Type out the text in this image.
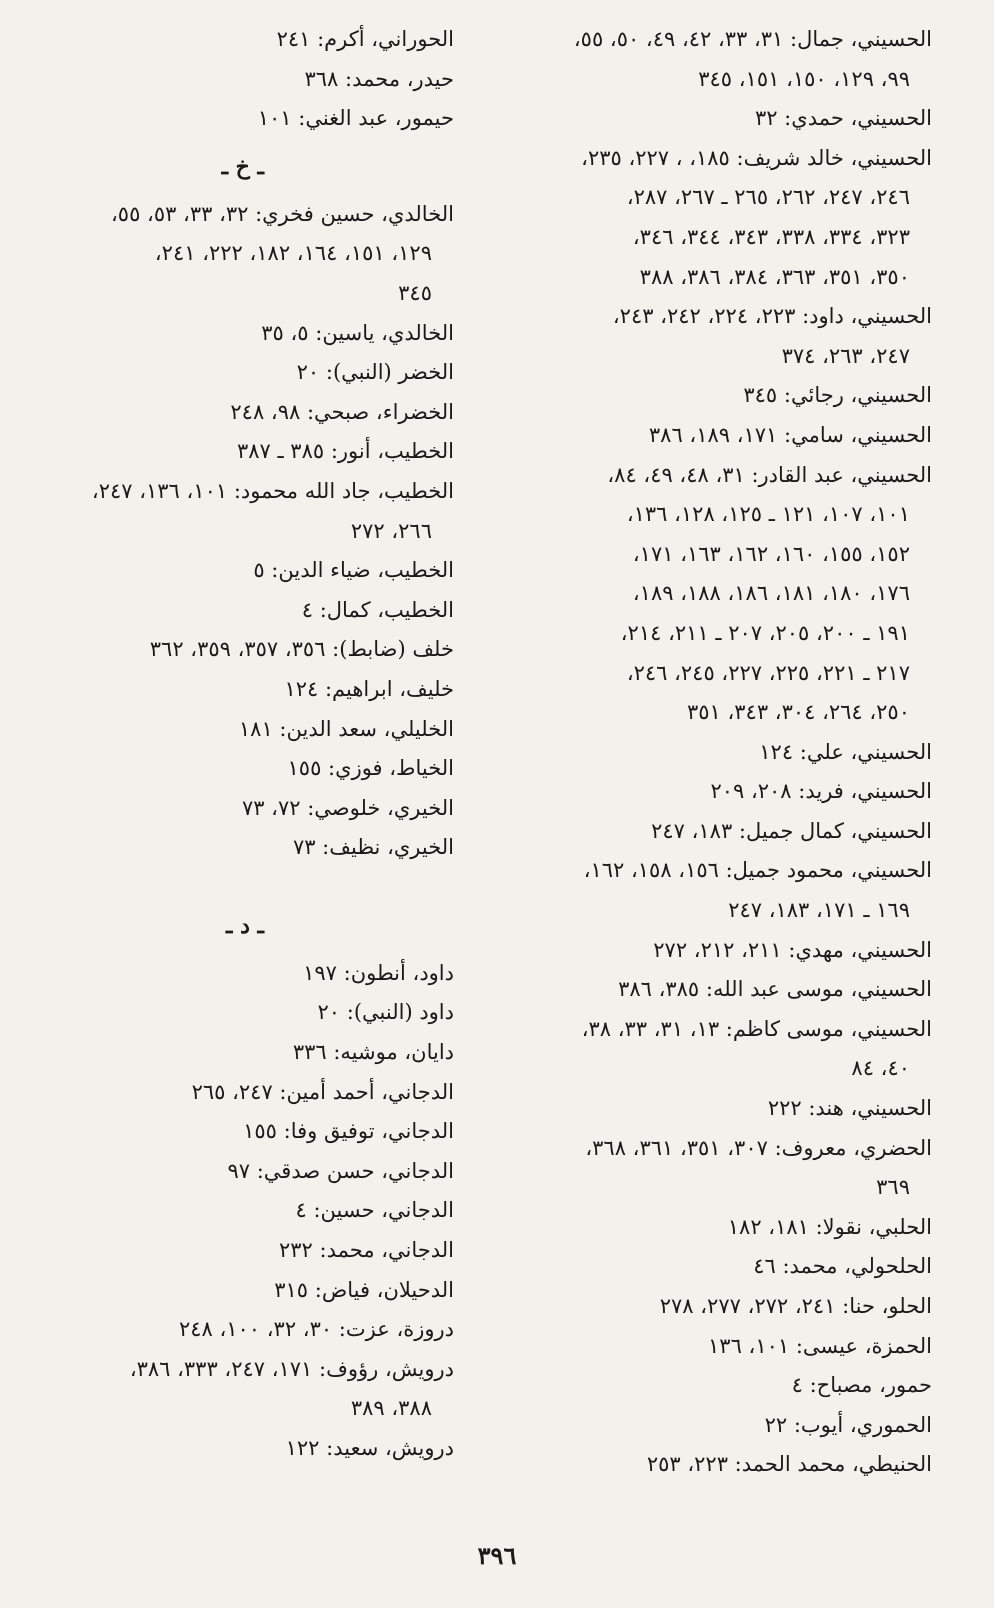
الحسيني، جمال: ٣١، ٣٣، ٤٢، ٤٩، ٥٠، ٥٥،
٩٩، ١٢٩، ١٥٠، ١٥١، ٣٤٥
الحسيني، حمدي: ٣٢
الحسيني، خالد شريف: ١٨٥، ، ٢٢٧، ٢٣٥،
٢٤٦، ٢٤٧، ٢٦٢، ٢٦٥ ـ ٢٦٧، ٢٨٧،
٣٢٣، ٣٣٤، ٣٣٨، ٣٤٣، ٣٤٤، ٣٤٦،
٣٥٠، ٣٥١، ٣٦٣، ٣٨٤، ٣٨٦، ٣٨٨
الحسيني، داود: ٢٢٣، ٢٢٤، ٢٤٢، ٢٤٣،
٢٤٧، ٢٦٣، ٣٧٤
الحسيني، رجائي: ٣٤٥
الحسيني، سامي: ١٧١، ١٨٩، ٣٨٦
الحسيني، عبد القادر: ٣١، ٤٨، ٤٩، ٨٤،
١٠١، ١٠٧، ١٢١ ـ ١٢٥، ١٢٨، ١٣٦،
١٥٢، ١٥٥، ١٦٠، ١٦٢، ١٦٣، ١٧١،
١٧٦، ١٨٠، ١٨١، ١٨٦، ١٨٨، ١٨٩،
١٩١ ـ ٢٠٠، ٢٠٥، ٢٠٧ ـ ٢١١، ٢١٤،
٢١٧ ـ ٢٢١، ٢٢٥، ٢٢٧، ٢٤٥، ٢٤٦،
٢٥٠، ٢٦٤، ٣٠٤، ٣٤٣، ٣٥١
الحسيني، علي: ١٢٤
الحسيني، فريد: ٢٠٨، ٢٠٩
الحسيني، كمال جميل: ١٨٣، ٢٤٧
الحسيني، محمود جميل: ١٥٦، ١٥٨، ١٦٢،
١٦٩ ـ ١٧١، ١٨٣، ٢٤٧
الحسيني، مهدي: ٢١١، ٢١٢، ٢٧٢
الحسيني، موسى عبد الله: ٣٨٥، ٣٨٦
الحسيني، موسى كاظم: ١٣، ٣١، ٣٣، ٣٨،
٤٠، ٨٤
الحسيني، هند: ٢٢٢
الحضري، معروف: ٣٠٧، ٣٥١، ٣٦١، ٣٦٨،
٣٦٩
الحلبي، نقولا: ١٨١، ١٨٢
الحلحولي، محمد: ٤٦
الحلو، حنا: ٢٤١، ٢٧٢، ٢٧٧، ٢٧٨
الحمزة، عيسى: ١٠١، ١٣٦
حمور، مصباح: ٤
الحموري، أيوب: ٢٢
الحنيطي، محمد الحمد: ٢٢٣، ٢٥٣
الحوراني، أكرم: ٢٤١
حيدر، محمد: ٣٦٨
حيمور، عبد الغني: ١٠١
ـ خ ـ
الخالدي، حسين فخري: ٣٢، ٣٣، ٥٣، ٥٥،
١٢٩، ١٥١، ١٦٤، ١٨٢، ٢٢٢، ٢٤١،
٣٤٥
الخالدي، ياسين: ٥، ٣٥
الخضر (النبي): ٢٠
الخضراء، صبحي: ٩٨، ٢٤٨
الخطيب، أنور: ٣٨٥ ـ ٣٨٧
الخطيب، جاد الله محمود: ١٠١، ١٣٦، ٢٤٧،
٢٦٦، ٢٧٢
الخطيب، ضياء الدين: ٥
الخطيب، كمال: ٤
خلف (ضابط): ٣٥٦، ٣٥٧، ٣٥٩، ٣٦٢
خليف، ابراهيم: ١٢٤
الخليلي، سعد الدين: ١٨١
الخياط، فوزي: ١٥٥
الخيري، خلوصي: ٧٢، ٧٣
الخيري، نظيف: ٧٣
ـ د ـ
داود، أنطون: ١٩٧
داود (النبي): ٢٠
دايان، موشيه: ٣٣٦
الدجاني، أحمد أمين: ٢٤٧، ٢٦٥
الدجاني، توفيق وفا: ١٥٥
الدجاني، حسن صدقي: ٩٧
الدجاني، حسين: ٤
الدجاني، محمد: ٢٣٢
الدحيلان، فياض: ٣١٥
دروزة، عزت: ٣٠، ٣٢، ١٠٠، ٢٤٨
درويش، رؤوف: ١٧١، ٢٤٧، ٣٣٣، ٣٨٦،
٣٨٨، ٣٨٩
درويش، سعيد: ١٢٢
٣٩٦
